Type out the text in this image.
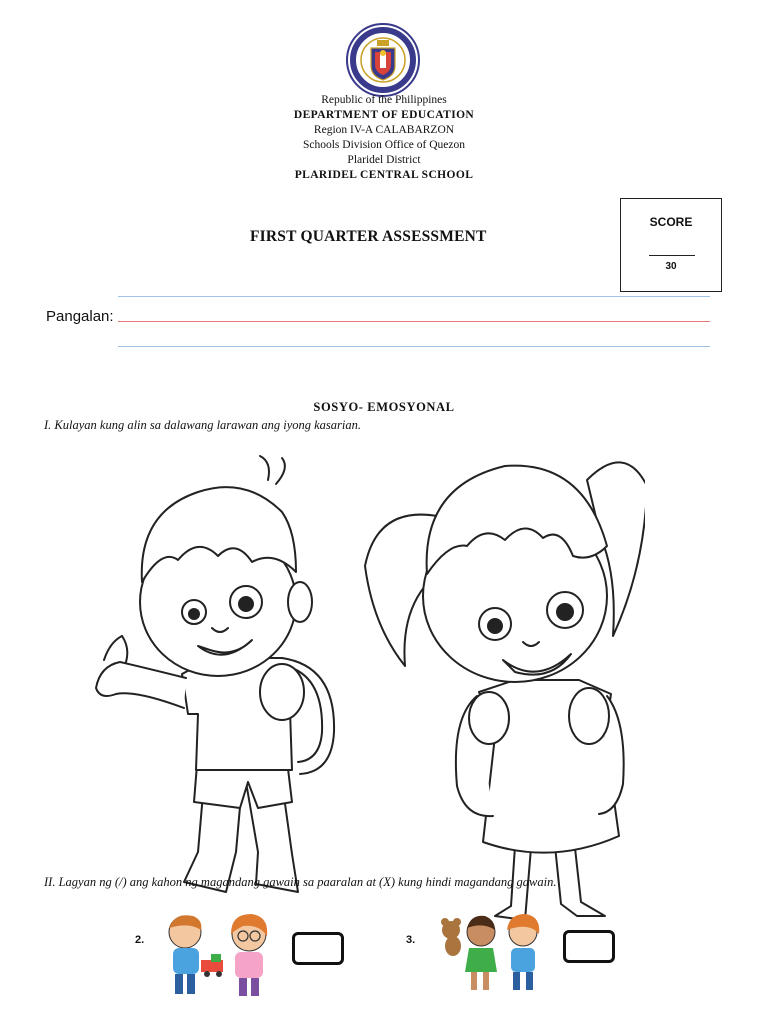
Republic of the Philippines
DEPARTMENT OF EDUCATION
Region IV-A CALABARZON
Schools Division Office of Quezon
Plaridel District
PLARIDEL CENTRAL SCHOOL
FIRST QUARTER ASSESSMENT
SCORE
30
Pangalan:
SOSYO- EMOSYONAL
I. Kulayan kung alin sa dalawang larawan ang iyong kasarian.
II. Lagyan ng (/) ang kahon ng magandang gawain sa paaralan at (X) kung hindi magandang gawain.
2.	3.
